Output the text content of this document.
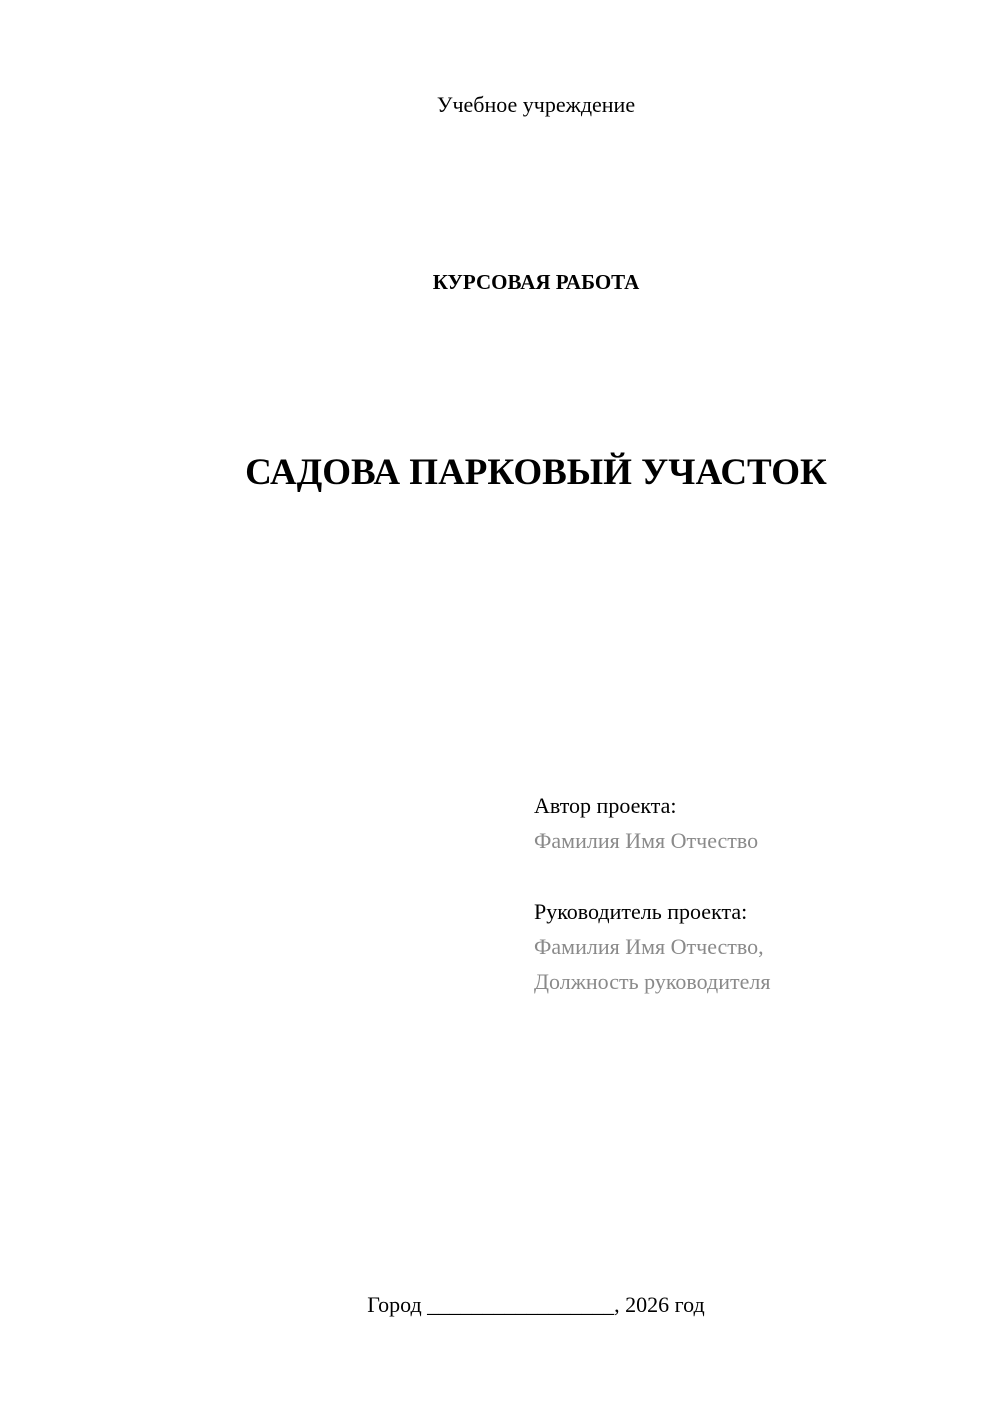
Учебное учреждение
КУРСОВАЯ РАБОТА
САДОВА ПАРКОВЫЙ УЧАСТОК
Автор проекта:
Фамилия Имя Отчество
Руководитель проекта:
Фамилия Имя Отчество,
Должность руководителя
Город _________________, 2026 год
